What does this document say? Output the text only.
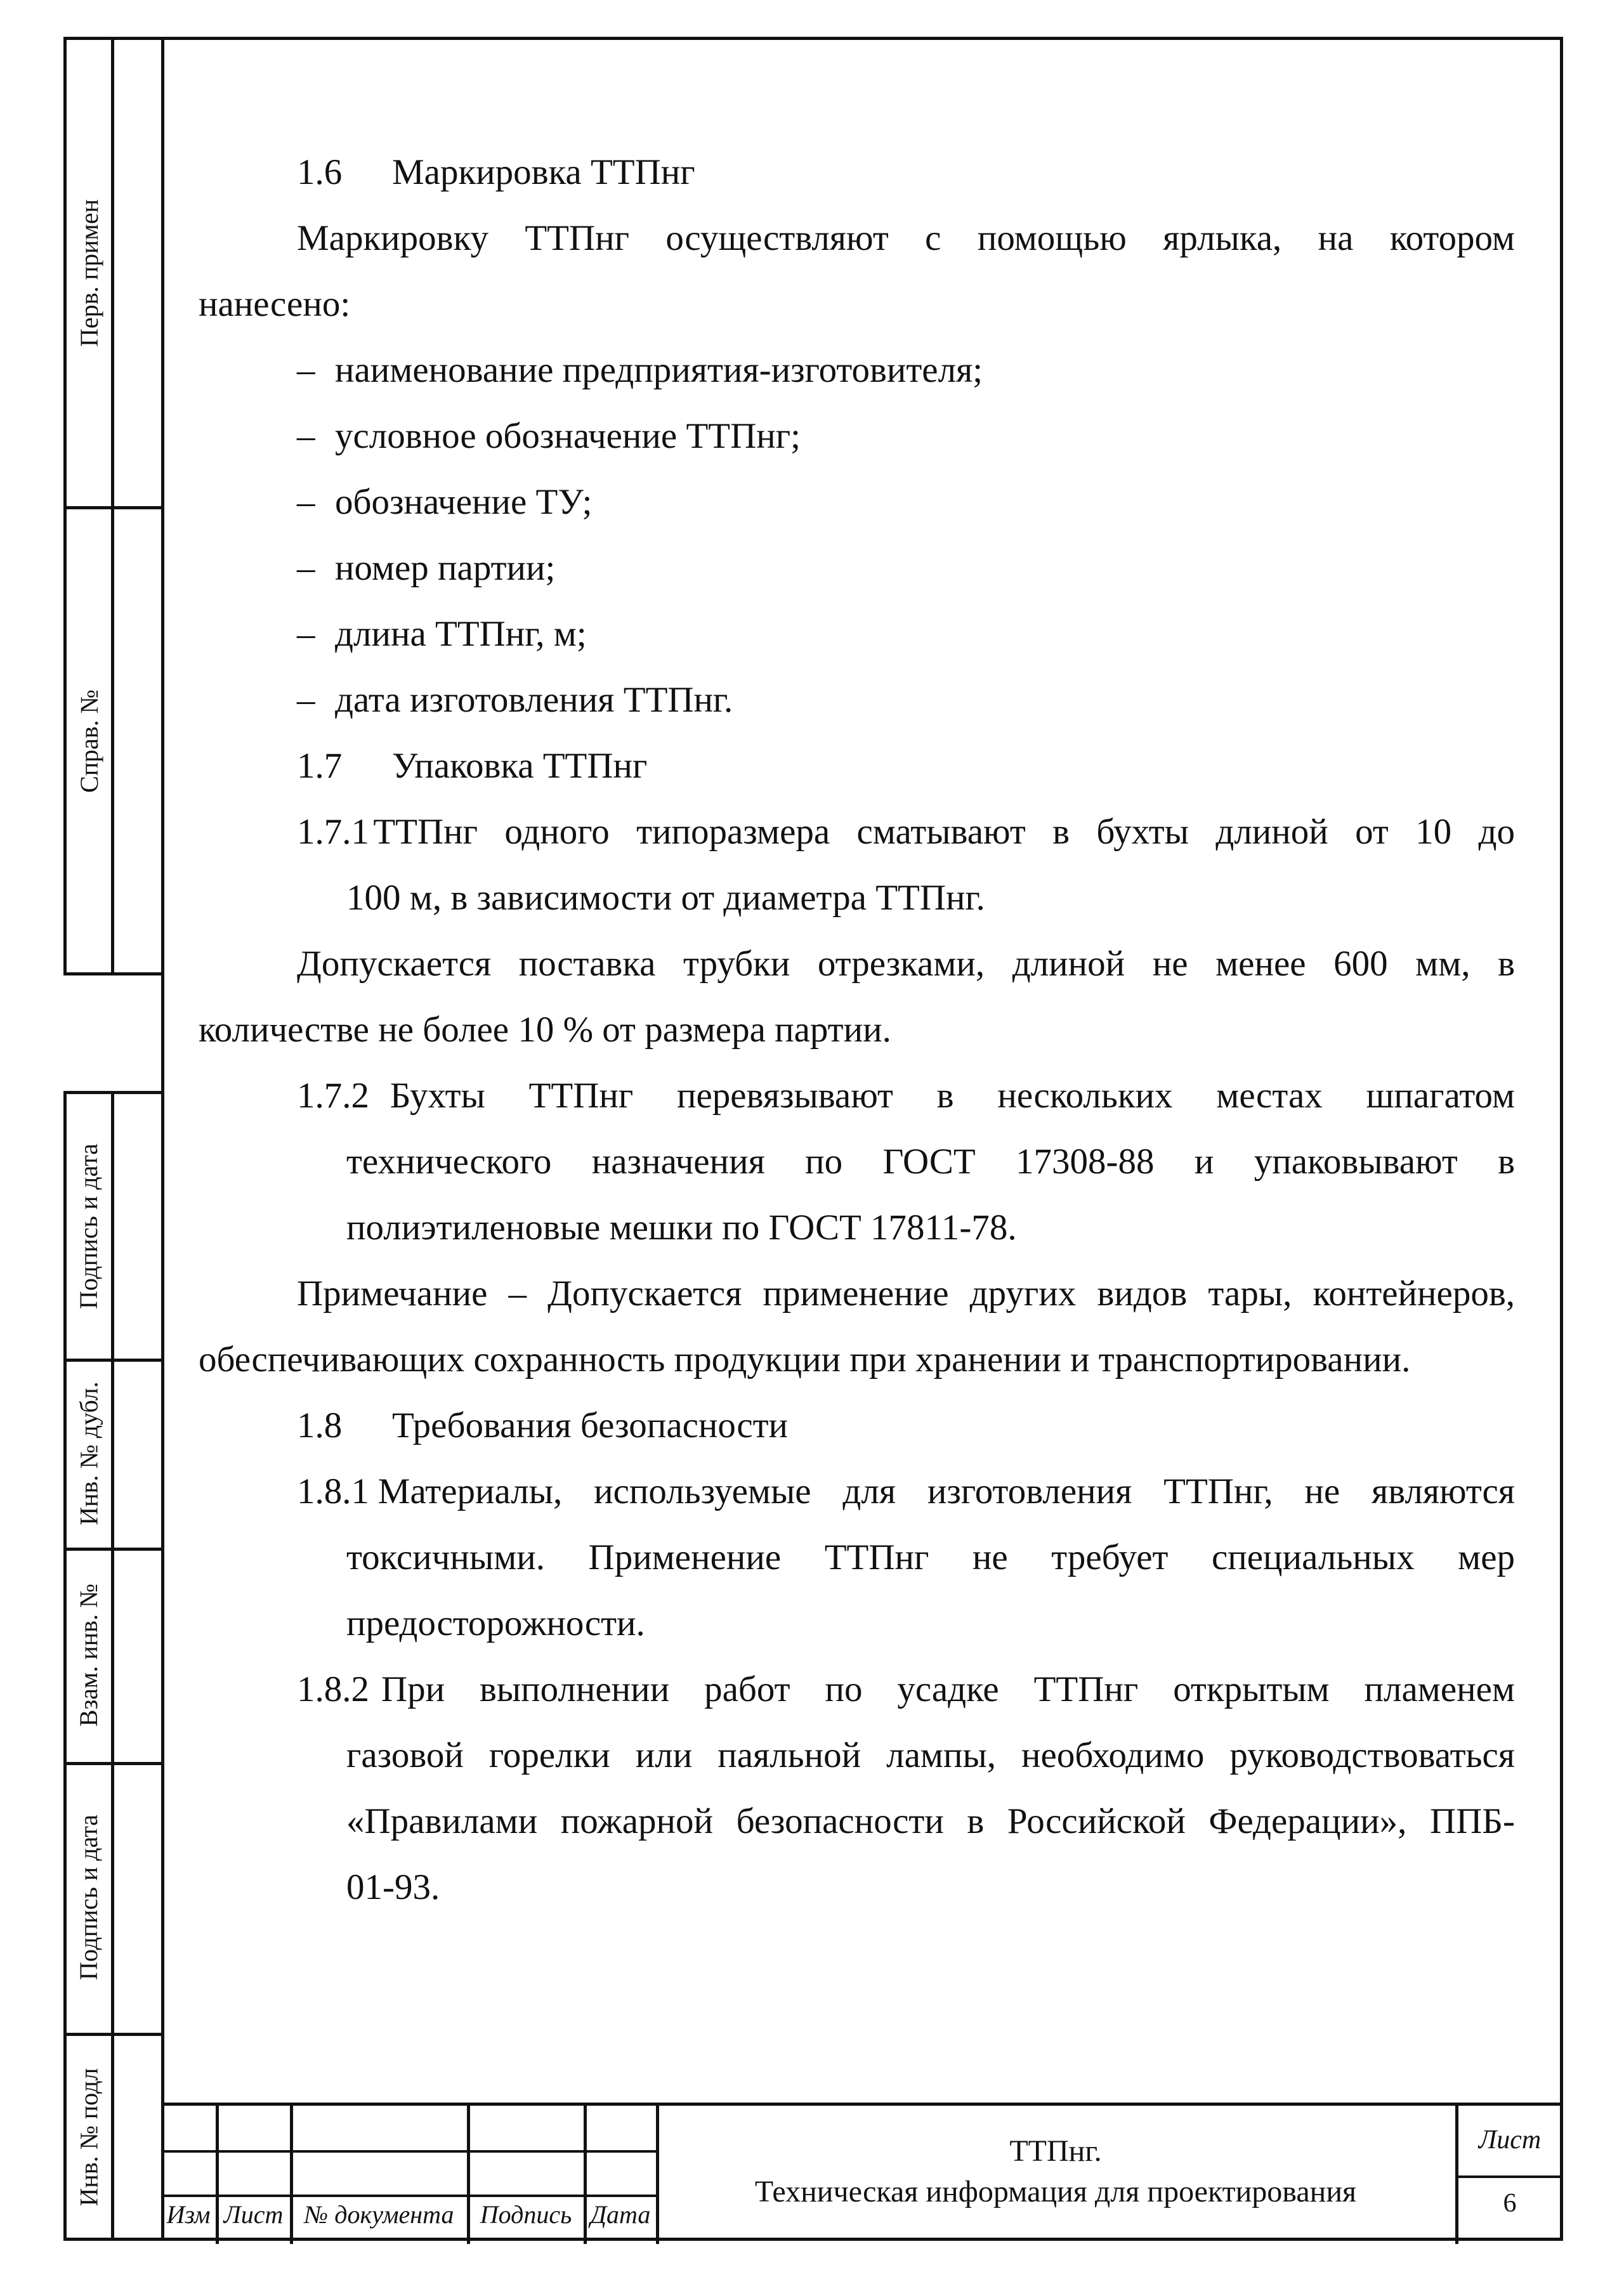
Перв. примен
Справ. №
Подпись и дата
Инв. № дубл.
Взам. инв. №
Подпись и дата
Инв. № подл

1.6	Маркировка ТТПнг

Маркировку ТТПнг осуществляют с помощью ярлыка, на котором

нанесено:

– наименование предприятия-изготовителя;

– условное обозначение ТТПнг;

– обозначение ТУ;

– номер партии;

– длина ТТПнг, м;

– дата изготовления ТТПнг.

1.7	Упаковка ТТПнг

1.7.1 ТТПнг одного типоразмера сматывают в бухты длиной от 10 до

100 м, в зависимости от диаметра ТТПнг.

Допускается поставка трубки отрезками, длиной не менее 600 мм, в

количестве не более 10 % от размера партии.

1.7.2 Бухты ТТПнг перевязывают в нескольких местах шпагатом

технического назначения по ГОСТ 17308-88 и упаковывают в

полиэтиленовые мешки по ГОСТ 17811-78.

Примечание – Допускается применение других видов тары, контейнеров,

обеспечивающих сохранность продукции при хранении и транспортировании.

1.8	Требования безопасности

1.8.1 Материалы, используемые для изготовления ТТПнг, не являются

токсичными. Применение ТТПнг не требует специальных мер

предосторожности.

1.8.2 При выполнении работ по усадке ТТПнг открытым пламенем

газовой горелки или паяльной лампы, необходимо руководствоваться

«Правилами пожарной безопасности в Российской Федерации», ППБ-

01-93.

Изм Лист № документа	Подпись Дата
ТТПнг.
Техническая информация для проектирования
Лист
6
